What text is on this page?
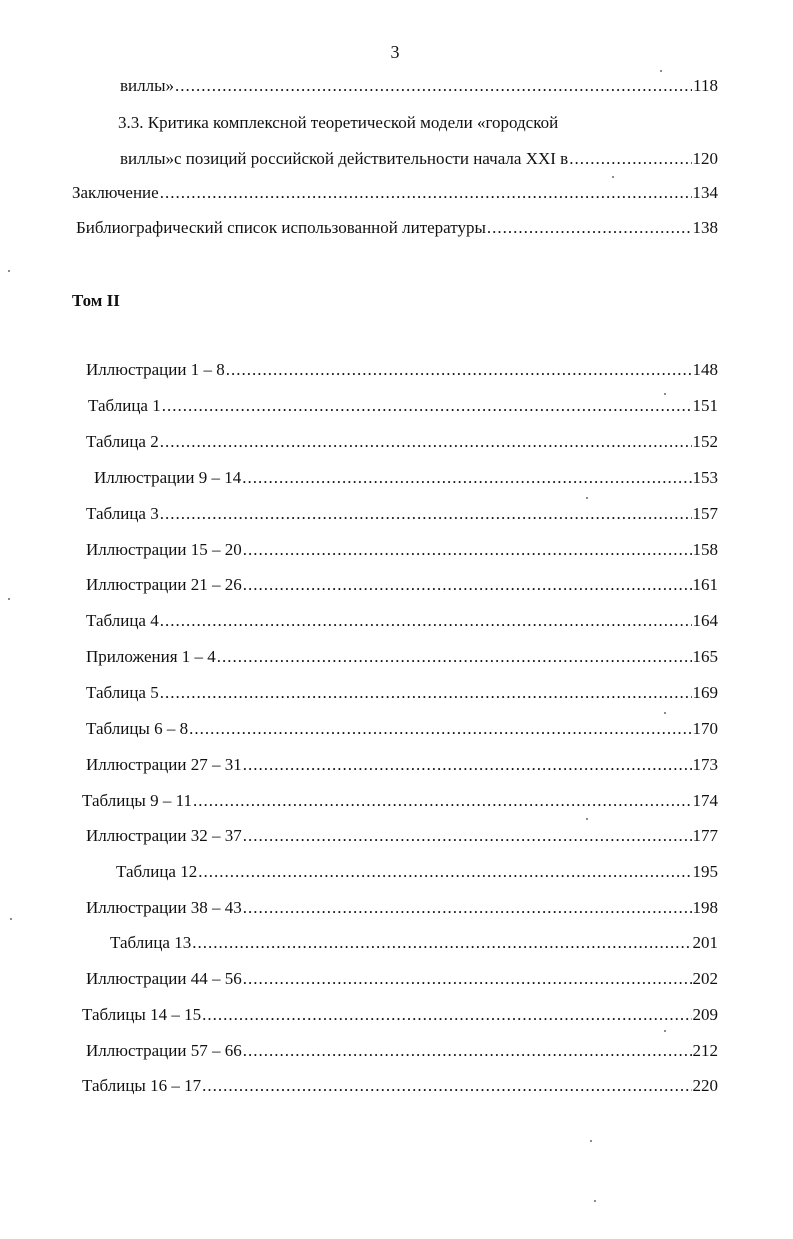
3
виллы» .....	118
3.3. Критика комплексной теоретической модели «городской
виллы»с позиций российской действительности начала XXI в .....	120
Заключение .....	134
Библиографический список использованной литературы .....	138
Том II
Иллюстрации 1 – 8 .....	148
Таблица 1 .....	151
Таблица 2 .....	152
Иллюстрации 9 – 14 .....	153
Таблица 3 .....	157
Иллюстрации 15 – 20 .....	158
Иллюстрации 21 – 26 .....	161
Таблица 4 .....	164
Приложения 1 – 4 .....	165
Таблица 5 .....	169
Таблицы 6 – 8 .....	170
Иллюстрации 27 – 31 .....	173
Таблицы 9 – 11 .....	174
Иллюстрации 32 – 37 .....	177
Таблица 12 .....	195
Иллюстрации 38 – 43 .....	198
Таблица 13 .....	201
Иллюстрации 44 – 56 .....	202
Таблицы 14 – 15 .....	209
Иллюстрации 57 – 66 .....	212
Таблицы 16 – 17 .....	220
